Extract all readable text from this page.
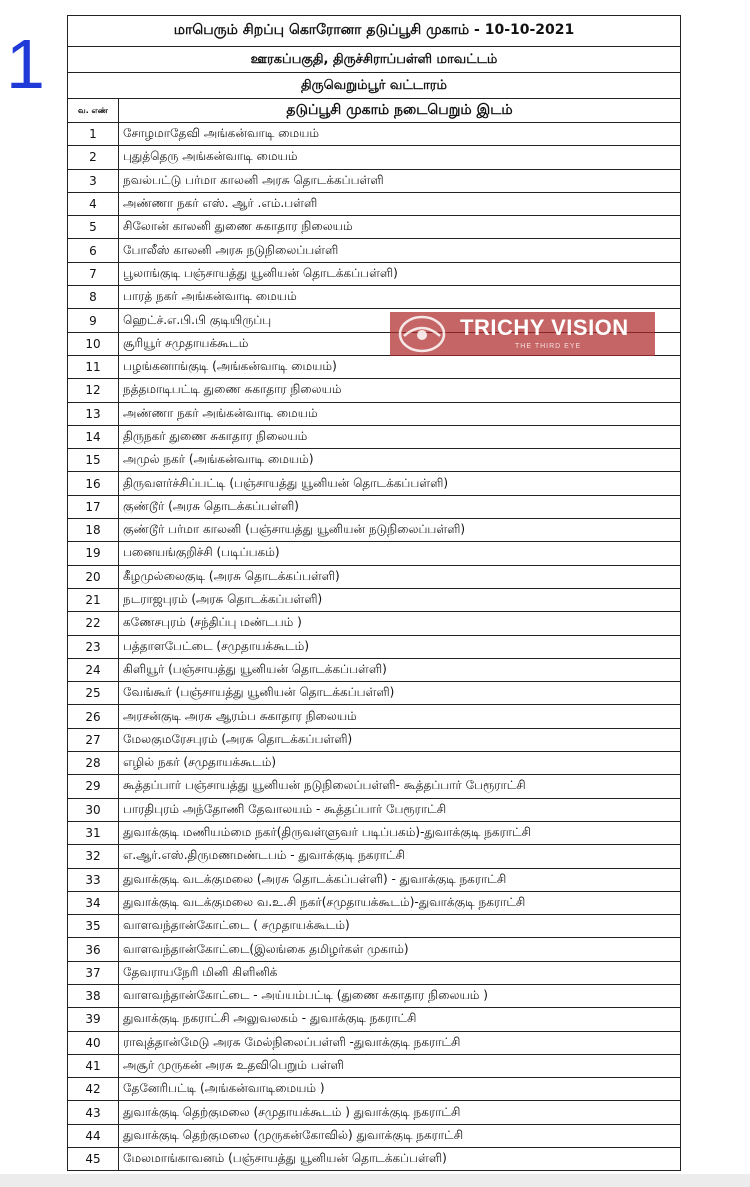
1	மாபெரும் சிறப்பு கொரோனா தடுப்பூசி முகாம் - 10-10-2021	
ஊரகப்பகுதி, திருச்சிராப்பள்ளி மாவட்டம்	
திருவெறும்பூர் வட்டாரம்	
வ. எண்	தடுப்பூசி முகாம் நடைபெறும் இடம்
1	சோழமாதேவி அங்கன்வாடி மையம்
2	புதுத்தெரு அங்கன்வாடி மையம்
3	நவல்பட்டு பர்மா காலனி அரசு தொடக்கப்பள்ளி
4	அண்ணா நகர் எஸ். ஆர் .எம்.பள்ளி
5	சிலோன் காலனி துணை சுகாதார நிலையம்
6	போலீஸ் காலனி அரசு நடுநிலைப்பள்ளி
7	பூலாங்குடி பஞ்சாயத்து யூனியன் தொடக்கப்பள்ளி)
8	பாரத் நகர் அங்கன்வாடி மையம்
9	ஹெட்ச்.எ.பி.பி குடியிருப்பு
10	சூரியூர் சமுதாயக்கூடம்
11	பழங்கனாங்குடி (அங்கன்வாடி மையம்)
12	நத்தமாடிபட்டி துணை சுகாதார நிலையம்
13	அண்ணா நகர் அங்கன்வாடி மையம்
14	திருநகர் துணை சுகாதார நிலையம்
15	அமுல் நகர் (அங்கன்வாடி மையம்)
16	திருவளர்ச்சிப்பட்டி (பஞ்சாயத்து யூனியன் தொடக்கப்பள்ளி)
17	குண்டூர் (அரசு தொடக்கப்பள்ளி)
18	குண்டூர் பர்மா காலனி (பஞ்சாயத்து யூனியன் நடுநிலைப்பள்ளி)
19	பனையங்குறிச்சி (படிப்பகம்)
20	கீழமுல்லைகுடி (அரசு தொடக்கப்பள்ளி)
21	நடராஜபுரம் (அரசு தொடக்கப்பள்ளி)
22	கணேசபுரம் (சந்திப்பு மண்டபம் )
23	பத்தாளபேட்டை (சமுதாயக்கூடம்)
24	கிளியூர் (பஞ்சாயத்து யூனியன் தொடக்கப்பள்ளி)
25	வேங்கூர் (பஞ்சாயத்து யூனியன் தொடக்கப்பள்ளி)
26	அரசன்குடி அரசு ஆரம்ப சுகாதார நிலையம்
27	மேலகுமரேசபுரம் (அரசு தொடக்கப்பள்ளி)
28	எழில் நகர் (சமுதாயக்கூடம்)
29	கூத்தப்பார் பஞ்சாயத்து யூனியன் நடுநிலைப்பள்ளி- கூத்தப்பார் பேரூராட்சி
30	பாரதிபுரம் அந்தோணி தேவாலயம் - கூத்தப்பார் பேரூராட்சி
31	துவாக்குடி மணியம்மை நகர்(திருவள்ளுவர் படிப்பகம்)-துவாக்குடி நகராட்சி
32	எ.ஆர்.எஸ்.திருமணமண்டபம் - துவாக்குடி நகராட்சி
33	துவாக்குடி வடக்குமலை (அரசு தொடக்கப்பள்ளி) - துவாக்குடி நகராட்சி
34	துவாக்குடி வடக்குமலை வ.உ.சி நகர்(சமுதாயக்கூடம்)-துவாக்குடி நகராட்சி
35	வாளவந்தான்கோட்டை ( சமுதாயக்கூடம்)
36	வாளவந்தான்கோட்டை(இலங்கை தமிழர்கள் முகாம்)
37	தேவராயநேரி மினி கிளினிக்
38	வாளவந்தான்கோட்டை - அய்யம்பட்டி (துணை சுகாதார நிலையம் )
39	துவாக்குடி நகராட்சி அலுவலகம் - துவாக்குடி நகராட்சி
40	ராவுத்தான்மேடு அரசு மேல்நிலைப்பள்ளி -துவாக்குடி நகராட்சி
41	அசூர் முருகன் அரசு உதவிபெறும் பள்ளி
42	தேனேரிபட்டி (அங்கன்வாடிமையம் )
43	துவாக்குடி தெற்குமலை (சமுதாயக்கூடம் ) துவாக்குடி நகராட்சி
44	துவாக்குடி தெற்குமலை (முருகன்கோவில்) துவாக்குடி நகராட்சி
45	மேலமாங்காவனம் (பஞ்சாயத்து யூனியன் தொடக்கப்பள்ளி)
TRICHY VISION
THE THIRD EYE
